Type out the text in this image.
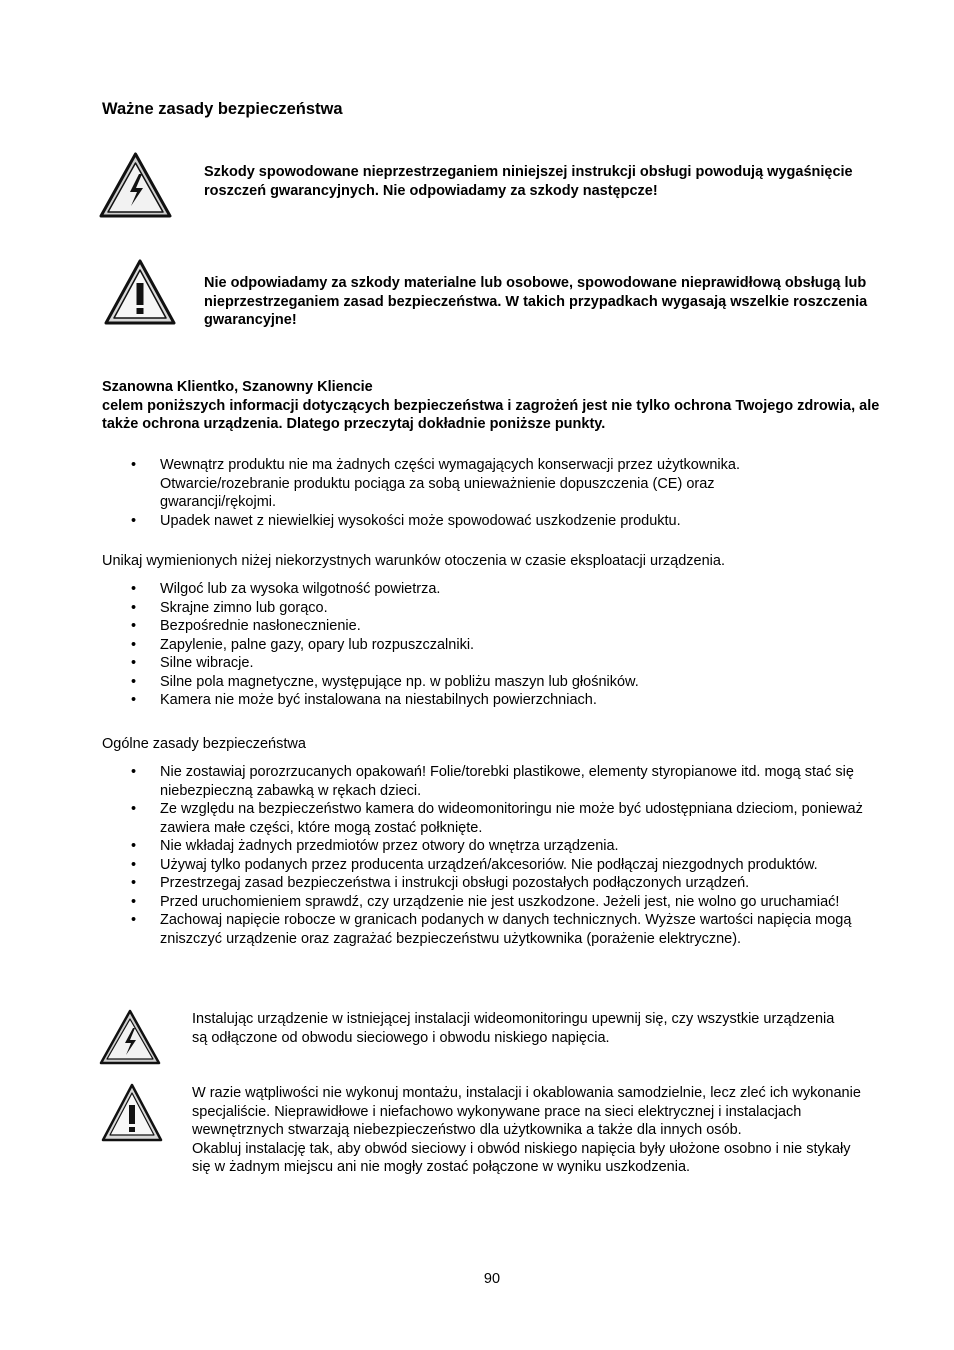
Ważne zasady bezpieczeństwa

Szkody spowodowane nieprzestrzeganiem niniejszej instrukcji obsługi powodują wygaśnięcie roszczeń gwarancyjnych. Nie odpowiadamy za szkody następcze!

Nie odpowiadamy za szkody materialne lub osobowe, spowodowane nieprawidłową obsługą lub nieprzestrzeganiem zasad bezpieczeństwa. W takich przypadkach wygasają wszelkie roszczenia gwarancyjne!

Szanowna Klientko, Szanowny Kliencie
celem poniższych informacji dotyczących bezpieczeństwa i zagrożeń jest nie tylko ochrona Twojego zdrowia, ale także ochrona urządzenia. Dlatego przeczytaj dokładnie poniższe punkty.
• Wewnątrz produktu nie ma żadnych części wymagających konserwacji przez użytkownika. Otwarcie/rozebranie produktu pociąga za sobą unieważnienie dopuszczenia (CE) oraz gwarancji/rękojmi.
• Upadek nawet z niewielkiej wysokości może spowodować uszkodzenie produktu.

Unikaj wymienionych niżej niekorzystnych warunków otoczenia w czasie eksploatacji urządzenia.

• Wilgoć lub za wysoka wilgotność powietrza.
• Skrajne zimno lub gorąco.
• Bezpośrednie nasłonecznienie.
• Zapylenie, palne gazy, opary lub rozpuszczalniki.
• Silne wibracje.
• Silne pola magnetyczne, występujące np. w pobliżu maszyn lub głośników.
• Kamera nie może być instalowana na niestabilnych powierzchniach.

Ogólne zasady bezpieczeństwa

• Nie zostawiaj porozrzucanych opakowań! Folie/torebki plastikowe, elementy styropianowe itd. mogą stać się niebezpieczną zabawką w rękach dzieci.
• Ze względu na bezpieczeństwo kamera do wideomonitoringu nie może być udostępniana dzieciom, ponieważ zawiera małe części, które mogą zostać połknięte.
• Nie wkładaj żadnych przedmiotów przez otwory do wnętrza urządzenia.
• Używaj tylko podanych przez producenta urządzeń/akcesoriów. Nie podłączaj niezgodnych produktów.
• Przestrzegaj zasad bezpieczeństwa i instrukcji obsługi pozostałych podłączonych urządzeń.
• Przed uruchomieniem sprawdź, czy urządzenie nie jest uszkodzone. Jeżeli jest, nie wolno go uruchamiać!
• Zachowaj napięcie robocze w granicach podanych w danych technicznych. Wyższe wartości napięcia mogą zniszczyć urządzenie oraz zagrażać bezpieczeństwu użytkownika (porażenie elektryczne).

Instalując urządzenie w istniejącej instalacji wideomonitoringu upewnij się, czy wszystkie urządzenia są odłączone od obwodu sieciowego i obwodu niskiego napięcia.

W razie wątpliwości nie wykonuj montażu, instalacji i okablowania samodzielnie, lecz zleć ich wykonanie specjaliście. Nieprawidłowe i niefachowo wykonywane prace na sieci elektrycznej i instalacjach wewnętrznych stwarzają niebezpieczeństwo dla użytkownika a także dla innych osób.
Okabluj instalację tak, aby obwód sieciowy i obwód niskiego napięcia były ułożone osobno i nie stykały się w żadnym miejscu ani nie mogły zostać połączone w wyniku uszkodzenia.

90
